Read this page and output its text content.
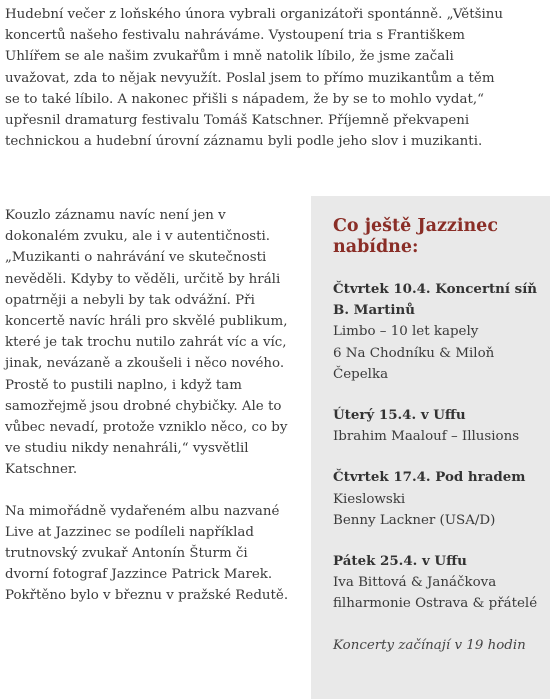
Hudební večer z loňského února vybrali organizátoři spontánně. „Většinu koncertů našeho festivalu nahráváme. Vystoupení tria s Františkem Uhlířem se ale našim zvukařům i mně natolik líbilo, že jsme začali uvažovat, zda to nějak nevyužít. Poslal jsem to přímo muzikantům a těm se to také líbilo. A nakonec přišli s nápadem, že by se to mohlo vydat,“ upřesnil dramaturg festivalu Tomáš Katschner. Příjemně překvapeni technickou a hudební úrovní záznamu byli podle jeho slov i muzikanti.

Kouzlo záznamu navíc není jen v dokonalém zvuku, ale i v autentičnosti. „Muzikanti o nahrávání ve skutečnosti nevěděli. Kdyby to věděli, určitě by hráli opatrněji a nebyli by tak odvážní. Při koncertě navíc hráli pro skvělé publikum, které je tak trochu nutilo zahrát víc a víc, jinak, nevázaně a zkoušeli i něco nového. Prostě to pustili naplno, i když tam samozřejmě jsou drobné chybičky. Ale to vůbec nevadí, protože vzniklo něco, co by ve studiu nikdy nenahráli,“ vysvětlil Katschner.

Na mimořádně vydařeném albu nazvané Live at Jazzinec se podíleli například trutnovský zvukař Antonín Šturm či dvorní fotograf Jazzince Patrick Marek. Pokřtěno bylo v březnu v pražské Redutě.

Co ještě Jazzinec nabídne:
Čtvrtek 10.4. Koncertní síň B. Martinů
Limbo – 10 let kapely
6 Na Chodníku & Miloň Čepelka
Úterý 15.4. v Uffu
Ibrahim Maalouf – Illusions
Čtvrtek 17.4. Pod hradem
Kieslowski
Benny Lackner (USA/D)
Pátek 25.4. v Uffu
Iva Bittová & Janáčkova filharmonie Ostrava & přátelé
Koncerty začínají v 19 hodin
